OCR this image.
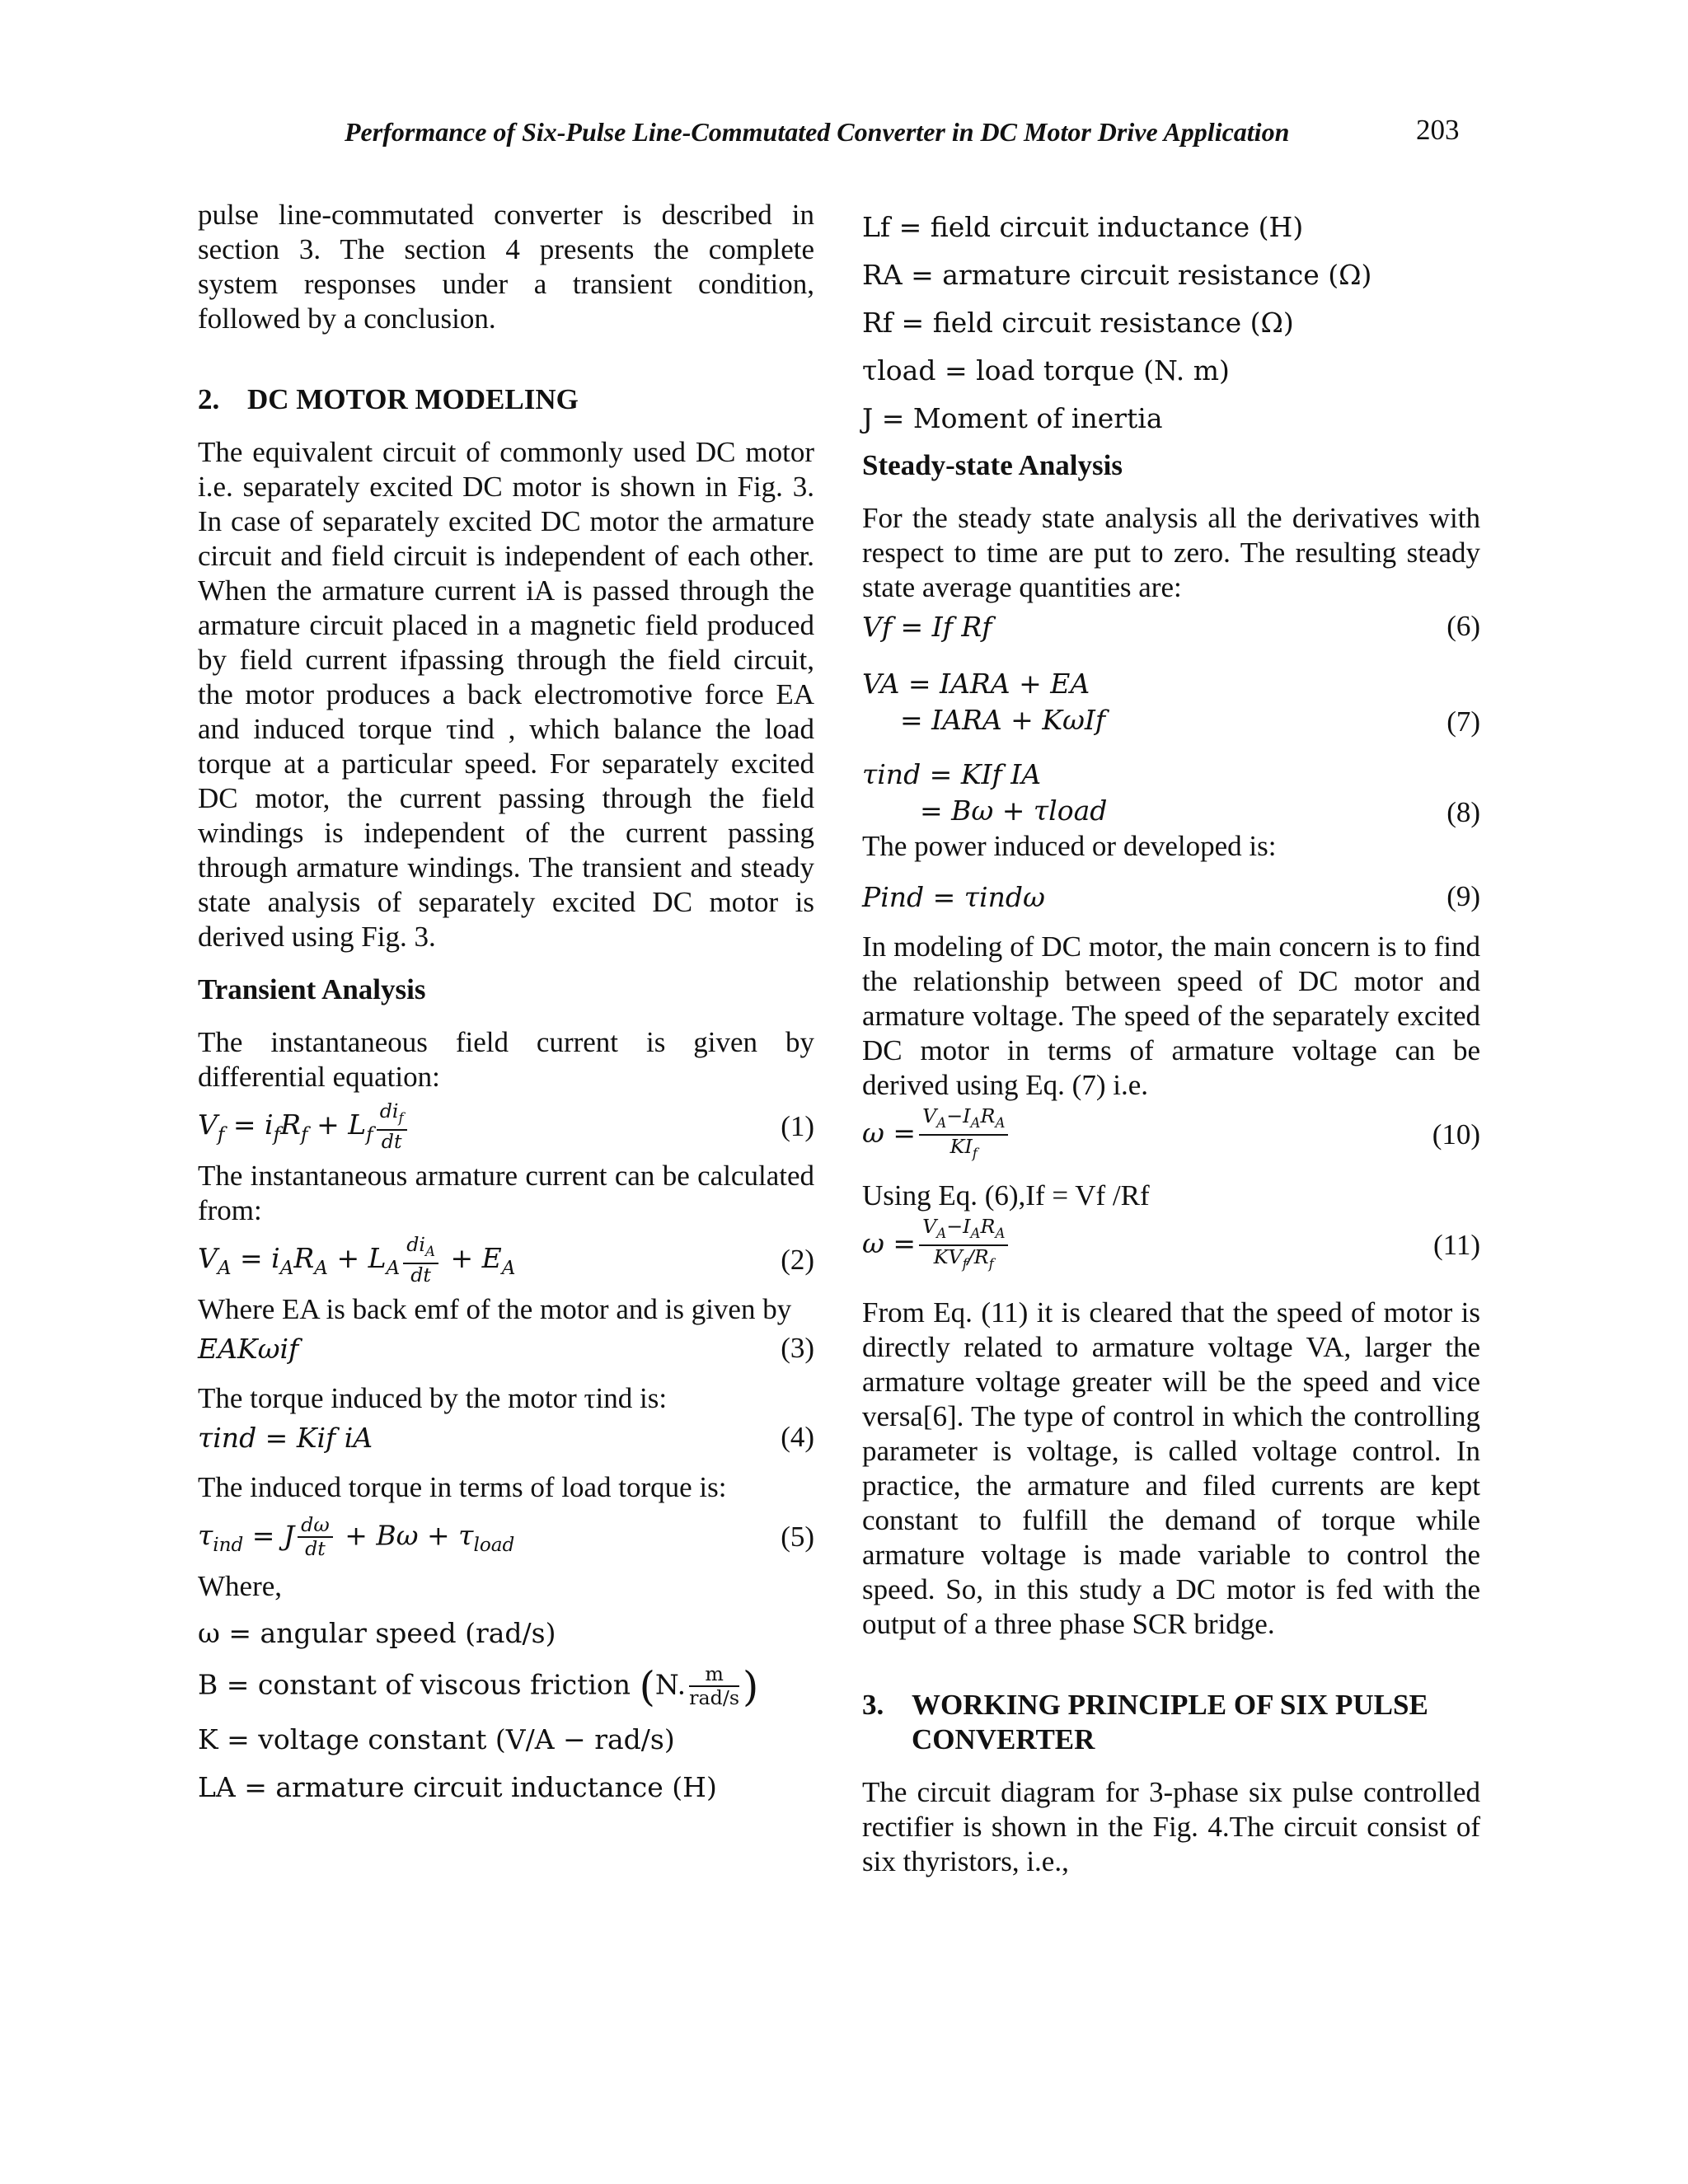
Performance of Six-Pulse Line-Commutated Converter in DC Motor Drive Application	203

pulse line-commutated converter is described in section 3. The section 4 presents the complete system responses under a transient condition, followed by a conclusion.

2. DC MOTOR MODELING

The equivalent circuit of commonly used DC motor i.e. separately excited DC motor is shown in Fig. 3. In case of separately excited DC motor the armature circuit and field circuit is independent of each other. When the armature current iA is passed through the armature circuit placed in a magnetic field produced by field current ifpassing through the field circuit, the motor produces a back electromotive force EA and induced torque τind , which balance the load torque at a particular speed. For separately excited DC motor, the current passing through the field windings is independent of the current passing through armature windings. The transient and steady state analysis of separately excited DC motor is derived using Fig. 3.

Transient Analysis

The instantaneous field current is given by differential equation:

$V_f = i_fR_f + L_f \frac{di_f}{dt}$	(1)

The instantaneous armature current can be calculated from:

$V_A = i_AR_A + L_A \frac{di_A}{dt} + E_A$	(2)

Where EA is back emf of the motor and is given by

EAKωif	(3)

The torque induced by the motor τind is:

τind = Kif iA	(4)

The induced torque in terms of load torque is:

$\tau_{ind} = J \frac{d\omega}{dt} + B\omega + \tau_{load}$	(5)

Where,

ω = angular speed (rad/s)
B = constant of viscous friction (N. $\frac{m}{\text{rad/s}}$ )
K = voltage constant (V/A − rad/s)
LA = armature circuit inductance (H)
Lf = field circuit inductance (H)
RA = armature circuit resistance (Ω)
Rf = field circuit resistance (Ω)
τload = load torque (N. m)
J = Moment of inertia
Steady-state Analysis

For the steady state analysis all the derivatives with respect to time are put to zero. The resulting steady state average quantities are:

Vf = If Rf	(6)
VA = IARA + EA
= IARA + KωIf	(7)
τind = KIf IA
= Bω + τload	(8)

The power induced or developed is:

Pind = τindω	(9)

In modeling of DC motor, the main concern is to find the relationship between speed of DC motor and armature voltage. The speed of the separately excited DC motor in terms of armature voltage can be derived using Eq. (7) i.e.

$\omega = \frac{V_A-I_AR_A}{KI_f}$	(10)

Using Eq. (6),If = Vf /Rf

$\omega = \frac{V_A-I_AR_A}{KV_f/R_f}$	(11)

From Eq. (11) it is cleared that the speed of motor is directly related to armature voltage VA, larger the armature voltage greater will be the speed and vice versa[6]. The type of control in which the controlling parameter is voltage, is called voltage control. In practice, the armature and filed currents are kept constant to fulfill the demand of torque while armature voltage is made variable to control the speed. So, in this study a DC motor is fed with the output of a three phase SCR bridge.

3. WORKING PRINCIPLE OF SIX PULSE CONVERTER

The circuit diagram for 3-phase six pulse controlled rectifier is shown in the Fig. 4.The circuit consist of six thyristors, i.e.,
